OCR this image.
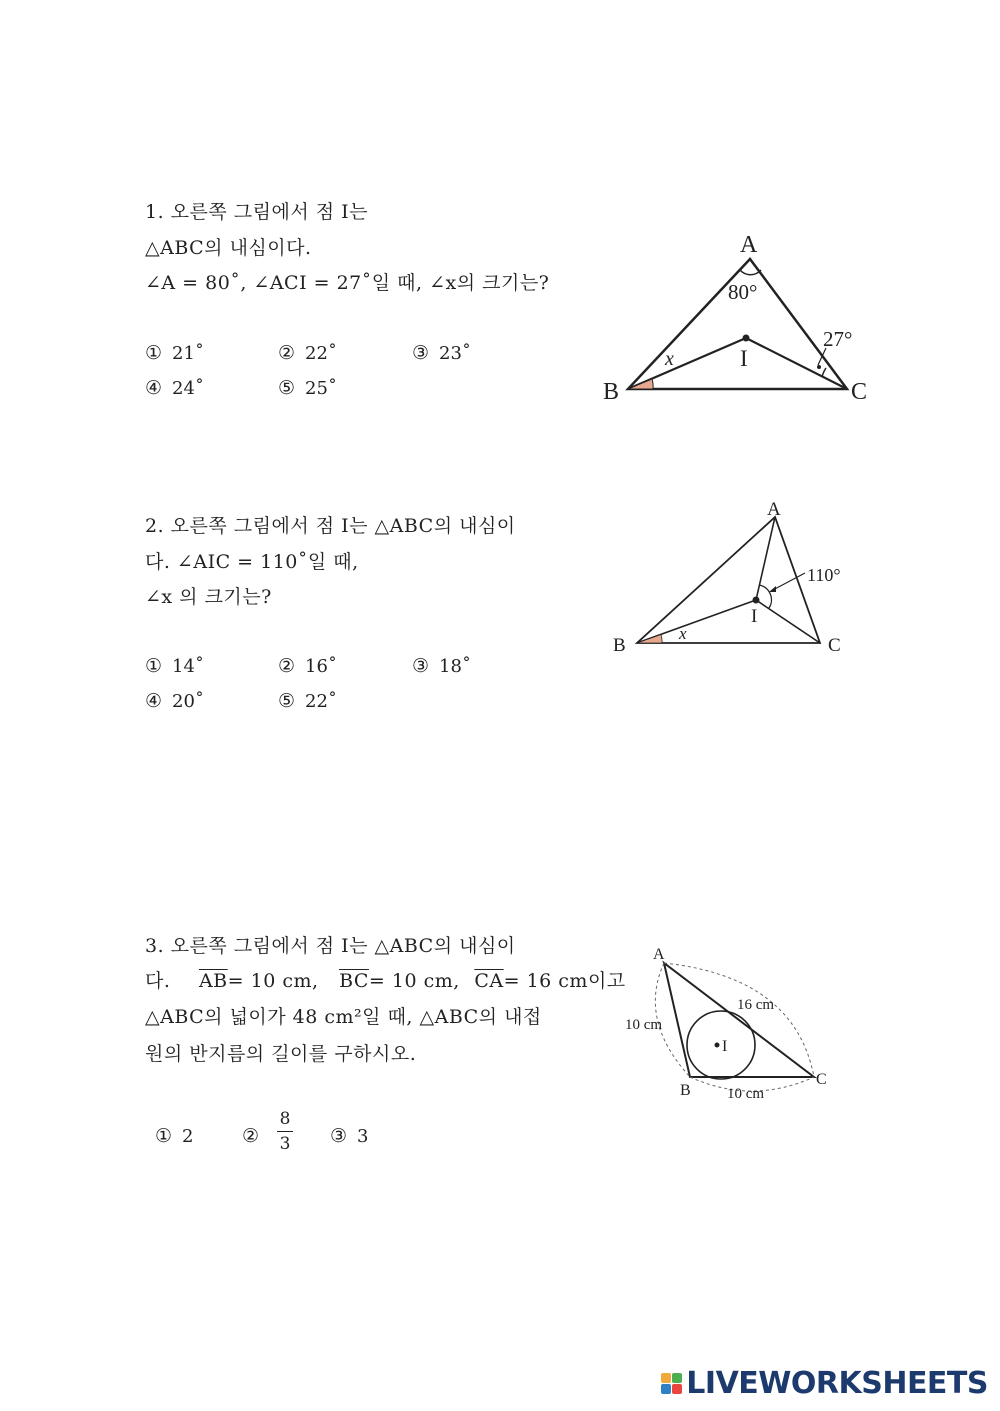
1. 오른쪽 그림에서 점 I는
△ABC의 내심이다.
∠A = 80˚, ∠ACI = 27˚일 때, ∠x의 크기는?
① 21˚	② 22˚	③ 23˚
④ 24˚	⑤ 25˚
A
B	C
I
x
80°
27°
2. 오른쪽 그림에서 점 I는 △ABC의 내심이
다. ∠AIC = 110˚일 때,
∠x 의 크기는?
① 14˚	② 16˚	③ 18˚
④ 20˚	⑤ 22˚
A
B	C
I
x
110°
3. 오른쪽 그림에서 점 I는 △ABC의 내심이
다. $\overline{AB}= 10$ cm, $\overline{BC}= 10$ cm, $\overline{CA}= 16$ cm이고
△ABC의 넓이가 48 cm²일 때, △ABC의 내접
원의 반지름의 길이를 구하시오.
① 2	②
8
3 ③ 3
A
B
C
I
10 cm
10 cm
16 cm
LIVEWORKSHEETS
